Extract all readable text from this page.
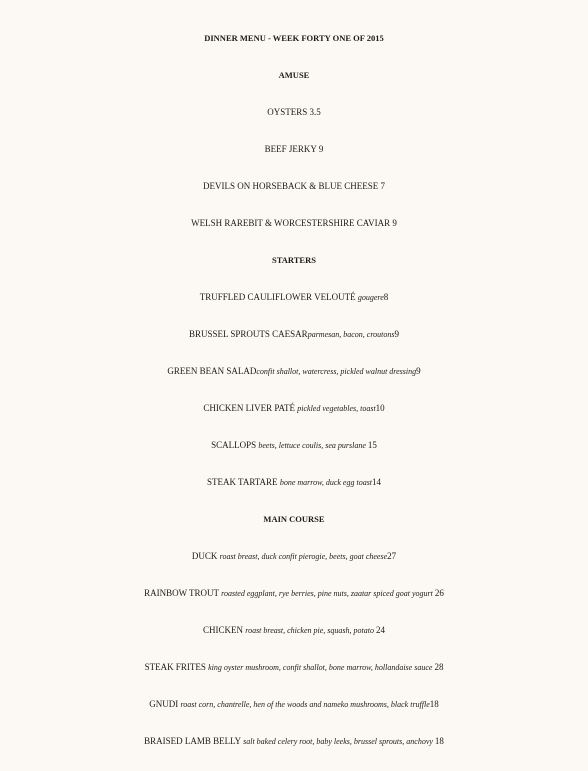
DINNER MENU - WEEK FORTY ONE OF 2015
AMUSE
OYSTERS 3.5
BEEF JERKY 9
DEVILS ON HORSEBACK & BLUE CHEESE 7
WELSH RAREBIT & WORCESTERSHIRE CAVIAR 9
STARTERS
TRUFFLED CAULIFLOWER VELOUTÉ gougere8
BRUSSEL SPROUTS CAESARparmesan, bacon, croutons9
GREEN BEAN SALADconfit shallot, watercress, pickled walnut dressing9
CHICKEN LIVER PATÉ pickled vegetables, toast10
SCALLOPS beets, lettuce coulis, sea purslane 15
STEAK TARTARE bone marrow, duck egg toast14
MAIN COURSE
DUCK roast breast, duck confit pierogie, beets, goat cheese27
RAINBOW TROUT roasted eggplant, rye berries, pine nuts, zaatar spiced goat yogurt 26
CHICKEN roast breast, chicken pie, squash, potato 24
STEAK FRITES king oyster mushroom, confit shallot, bone marrow, hollandaise sauce 28
GNUDI roast corn, chantrelle, hen of the woods and nameko mushrooms, black truffle18
BRAISED LAMB BELLY salt baked celery root, baby leeks, brussel sprouts, anchovy 18
